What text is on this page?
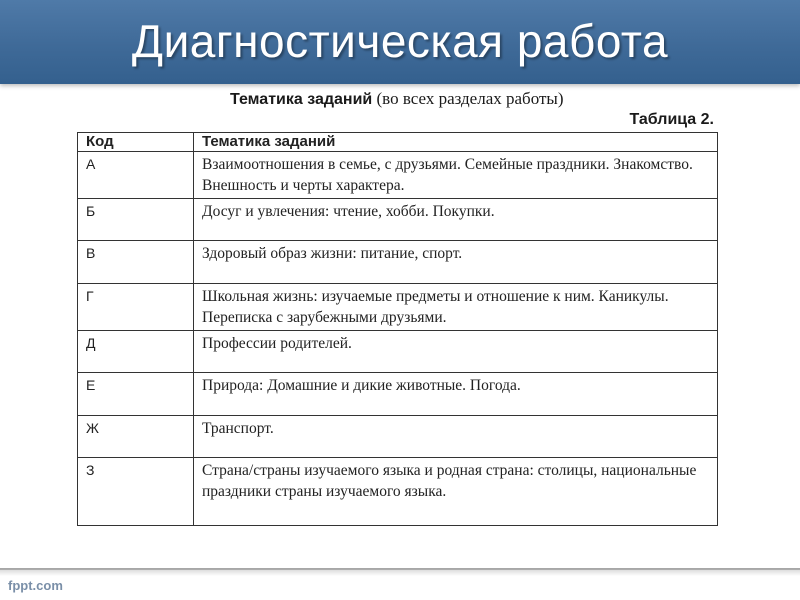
Диагностическая работа
Тематика заданий (во всех разделах работы)
Таблица 2.
Код	Тематика заданий
А	Взаимоотношения в семье, с друзьями. Семейные праздники. Знакомство. Внешность и черты характера.
Б	Досуг и увлечения: чтение, хобби. Покупки.
В	Здоровый образ жизни: питание, спорт.
Г	Школьная жизнь: изучаемые предметы и отношение к ним. Каникулы. Переписка с зарубежными друзьями.
Д	Профессии родителей.
Е	Природа: Домашние и дикие животные. Погода.
Ж	Транспорт.
З	Страна/страны изучаемого языка и родная страна: столицы, национальные праздники страны изучаемого языка.
fppt.com
